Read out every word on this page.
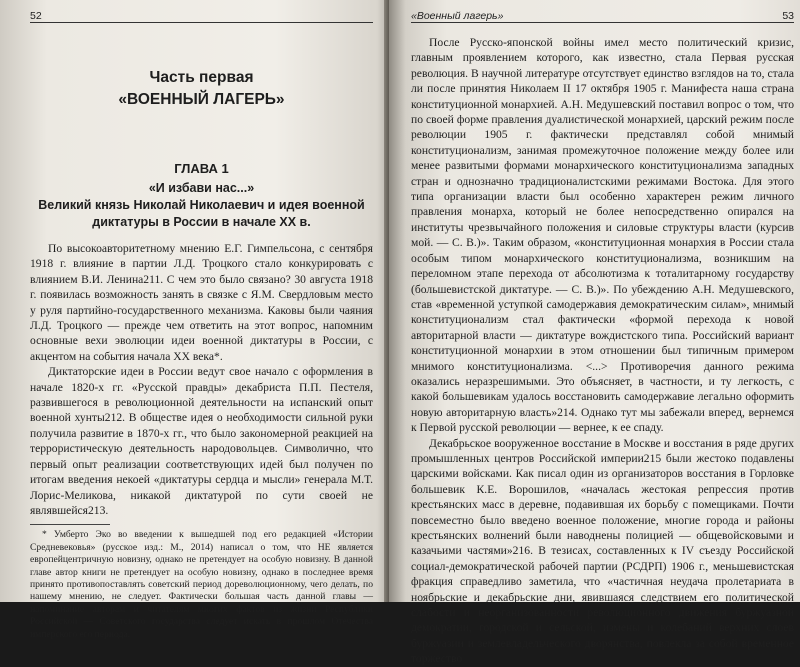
52
Часть первая
«ВОЕННЫЙ ЛАГЕРЬ»
ГЛАВА 1
«И избави нас...»
Великий князь Николай Николаевич и идея военной диктатуры в России в начале XX в.

По высокоавторитетному мнению Е.Г. Гимпельсона, с сентября 1918 г. влияние в партии Л.Д. Троцкого стало конкурировать с влиянием В.И. Ленина211. С чем это было связано? 30 августа 1918 г. появилась возможность занять в связке с Я.М. Свердловым место у руля партийно-государственного механизма. Каковы были чаяния Л.Д. Троцкого — прежде чем ответить на этот вопрос, напомним основные вехи эволюции идеи военной диктатуры в России, с акцентом на события начала XX века*.

Диктаторские идеи в России ведут свое начало с оформления в начале 1820-х гг. «Русской правды» декабриста П.П. Пестеля, развившегося в революционной деятельности на испанский опыт военной хунты212. В обществе идея о необходимости сильной руки получила развитие в 1870-х гг., что было закономерной реакцией на террористическую деятельность народовольцев. Символично, что первый опыт реализации соответствующих идей был получен по итогам введения некоей «диктатуры сердца и мысли» генерала М.Т. Лорис-Меликова, никакой диктатурой по сути своей не являвшейся213.

* Умберто Эко во введении к вышедшей под его редакцией «Истории Средневековья» (русское изд.: М., 2014) написал о том, что НЕ является европейцентричную новизну, однако не претендует на особую новизну. В данной главе автор книги не претендует на особую новизну, однако в последнее время принято противопоставлять советский период дореволюционному, чего делать, по нашему мнению, не следует. Фактически большая часть данной главы — напоминание авторам и читателям многих фактов из жизни Республики Российской — Советского государства следует искать в прошлом Отечества имперского его периода.

«Военный лагерь»	53

После Русско-японской войны имел место политический кризис, главным проявлением которого, как известно, стала Первая русская революция. В научной литературе отсутствует единство взглядов на то, стала ли после принятия Николаем II 17 октября 1905 г. Манифеста наша страна конституционной монархией. А.Н. Медушевский поставил вопрос о том, что по своей форме правления дуалистической монархией, царский режим после революции 1905 г. фактически представлял собой мнимый конституционализм, занимая промежуточное положение между более или менее развитыми формами монархического конституционализма западных стран и однозначно традиционалистскими режимами Востока. Для этого типа организации власти был особенно характерен режим личного правления монарха, который не более непосредственно опирался на институты чрезвычайного положения и силовые структуры власти (курсив мой. — С. В.)». Таким образом, «конституционная монархия в России стала особым типом монархического конституционализма, возникшим на переломном этапе перехода от абсолютизма к тоталитарному государству (большевистской диктатуре. — С. В.)». По убеждению А.Н. Медушевского, став «временной уступкой самодержавия демократическим силам», мнимый конституционализм стал фактически «формой перехода к новой авторитарной власти — диктатуре вождистского типа. Российский вариант конституционной монархии в этом отношении был типичным примером мнимого конституционализма. <...> Противоречия данного режима оказались неразрешимыми. Это объясняет, в частности, и ту легкость, с какой большевикам удалось восстановить самодержавие легально оформить новую авторитарную власть»214. Однако тут мы забежали вперед, вернемся к Первой русской революции — вернее, к ее спаду.

Декабрьское вооруженное восстание в Москве и восстания в ряде других промышленных центров Российской империи215 были жестоко подавлены царскими войсками. Как писал один из организаторов восстания в Горловке большевик К.Е. Ворошилов, «началась жестокая репрессия против крестьянских масс в деревне, подавившая их борьбу с помещиками. Почти повсеместно было введено военное положение, многие города и районы крестьянских волнений были наводнены полицией — общевойсковыми и казачьими частями»216. В тезисах, составленных к IV съезду Российской социал-демократической рабочей партии (РСДРП) 1906 г., меньшевистская фракция справедливо заметила, что «частичная неудача пролетариата в ноябрьские и декабрьские дни, явившаяся следствием его политической слабости и неорганизованности революционного движения буржуазной демократии, городской и сельской, измены и колебаний верхних слоев буржуазии и землевладельческого дворянства, повлекла за собой временное торжество
